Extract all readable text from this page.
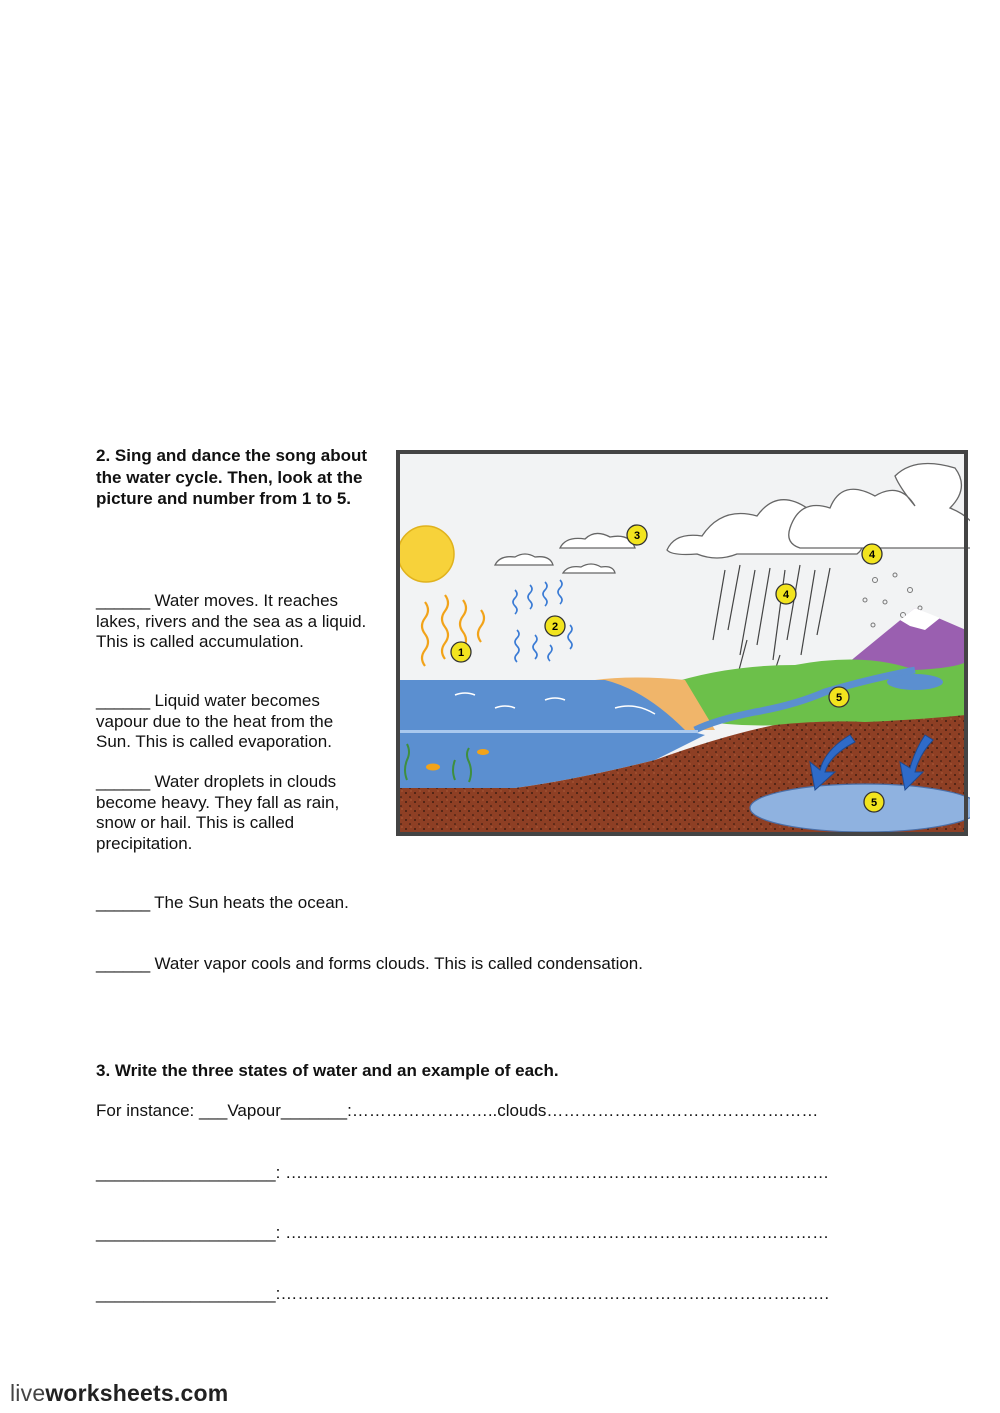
2. Sing and dance the song about the water cycle. Then, look at the picture and number from 1 to 5.
______ Water moves. It reaches lakes, rivers and the sea as a liquid. This is called accumulation.
______ Liquid water becomes vapour due to the heat from the Sun. This is called evaporation.
______ Water droplets in clouds become heavy. They fall as rain, snow or hail. This is called precipitation.
______ The Sun heats the ocean.
______ Water vapor cools and forms clouds. This is called condensation.
1
2
3
4
4
5
5
3. Write the three states of water and an example of each.
For instance: ___Vapour_______:……………………..clouds…………………………………………
___________________: ……………………………………………………………………………………
___________________: ……………………………………………………………………………………
___________________:…………………………………………………………………………………….
liveworksheets.com
